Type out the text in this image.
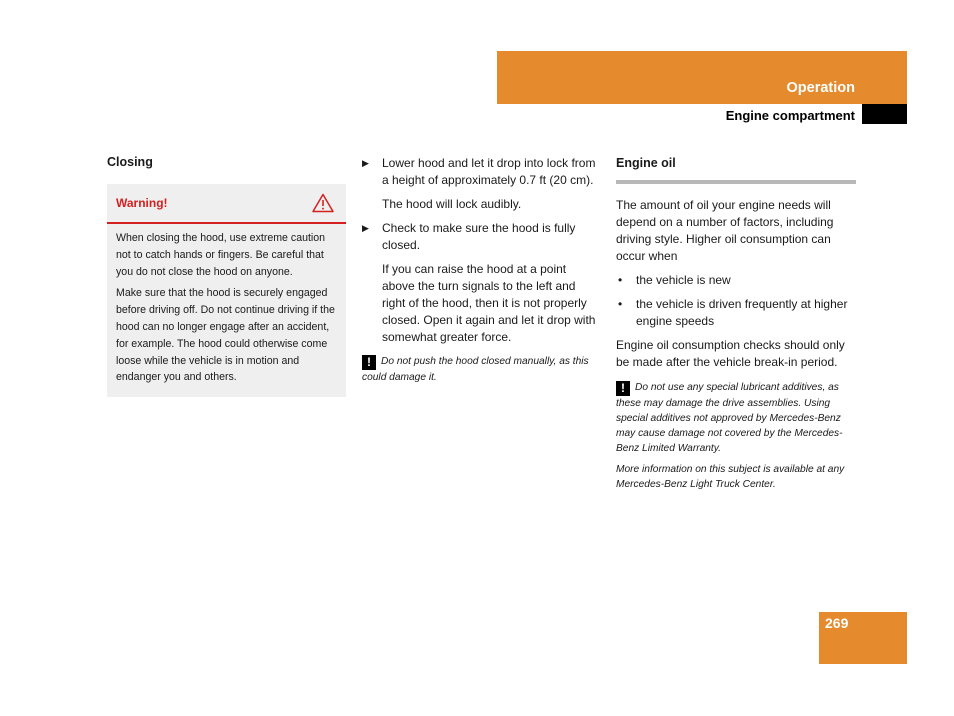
Operation
Engine compartment

Closing

Warning!

When closing the hood, use extreme caution not to catch hands or fingers. Be careful that you do not close the hood on anyone.

Make sure that the hood is securely engaged before driving off. Do not continue driving if the hood can no longer engage after an accident, for example. The hood could otherwise come loose while the vehicle is in motion and endanger you and others.

▶ Lower hood and let it drop into lock from a height of approximately 0.7 ft (20 cm).

The hood will lock audibly.

▶ Check to make sure the hood is fully closed.

If you can raise the hood at a point above the turn signals to the left and right of the hood, then it is not properly closed. Open it again and let it drop with somewhat greater force.

! Do not push the hood closed manually, as this could damage it.

Engine oil

The amount of oil your engine needs will depend on a number of factors, including driving style. Higher oil consumption can occur when

• the vehicle is new
• the vehicle is driven frequently at higher engine speeds

Engine oil consumption checks should only be made after the vehicle break-in period.

! Do not use any special lubricant additives, as these may damage the drive assemblies. Using special additives not approved by Mercedes-Benz may cause damage not covered by the Mercedes-Benz Limited Warranty.

More information on this subject is available at any Mercedes-Benz Light Truck Center.

269
